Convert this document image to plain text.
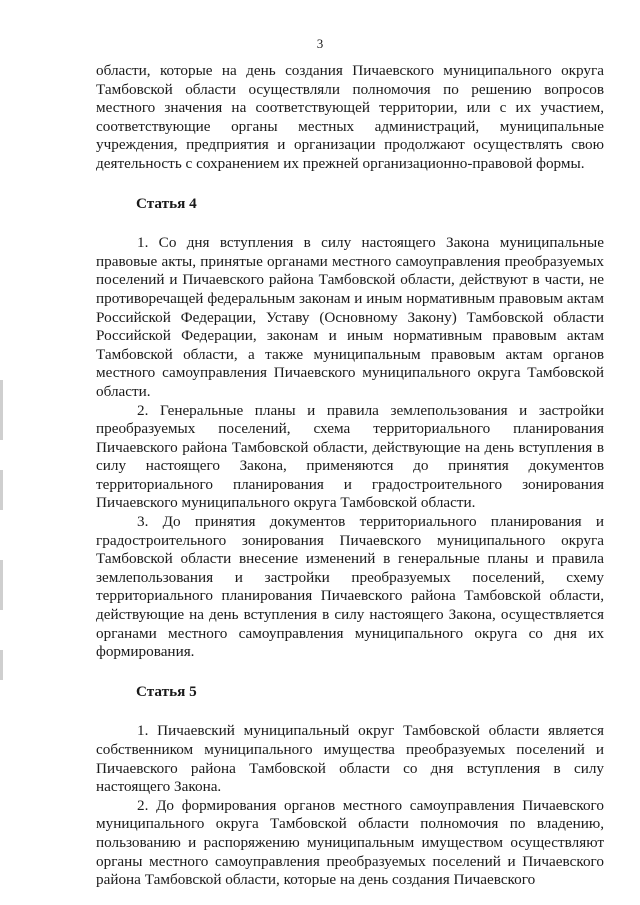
3

области, которые на день создания Пичаевского муниципального округа Тамбовской области осуществляли полномочия по решению вопросов местного значения на соответствующей территории, или с их участием, соответствующие органы местных администраций, муниципальные учреждения, предприятия и организации продолжают осуществлять свою деятельность с сохранением их прежней организационно-правовой формы.

Статья 4

1. Со дня вступления в силу настоящего Закона муниципальные правовые акты, принятые органами местного самоуправления преобразуемых поселений и Пичаевского района Тамбовской области, действуют в части, не противоречащей федеральным законам и иным нормативным правовым актам Российской Федерации, Уставу (Основному Закону) Тамбовской области Российской Федерации, законам и иным нормативным правовым актам Тамбовской области, а также муниципальным правовым актам органов местного самоуправления Пичаевского муниципального округа Тамбовской области.

2. Генеральные планы и правила землепользования и застройки преобразуемых поселений, схема территориального планирования Пичаевского района Тамбовской области, действующие на день вступления в силу настоящего Закона, применяются до принятия документов территориального планирования и градостроительного зонирования Пичаевского муниципального округа Тамбовской области.

3. До принятия документов территориального планирования и градостроительного зонирования Пичаевского муниципального округа Тамбовской области внесение изменений в генеральные планы и правила землепользования и застройки преобразуемых поселений, схему территориального планирования Пичаевского района Тамбовской области, действующие на день вступления в силу настоящего Закона, осуществляется органами местного самоуправления муниципального округа со дня их формирования.

Статья 5

1. Пичаевский муниципальный округ Тамбовской области является собственником муниципального имущества преобразуемых поселений и Пичаевского района Тамбовской области со дня вступления в силу настоящего Закона.

2. До формирования органов местного самоуправления Пичаевского муниципального округа Тамбовской области полномочия по владению, пользованию и распоряжению муниципальным имуществом осуществляют органы местного самоуправления преобразуемых поселений и Пичаевского района Тамбовской области, которые на день создания Пичаевского
